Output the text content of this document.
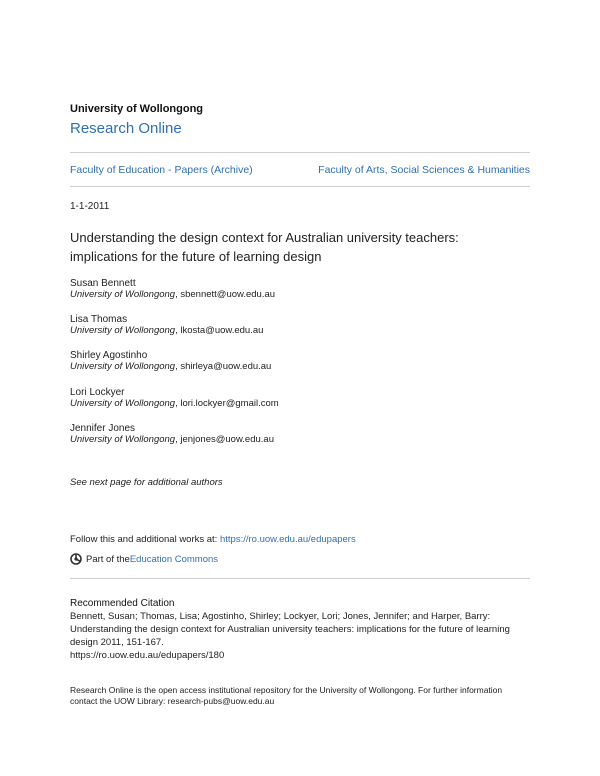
University of Wollongong
Research Online
Faculty of Education - Papers (Archive)	Faculty of Arts, Social Sciences & Humanities
1-1-2011
Understanding the design context for Australian university teachers:
implications for the future of learning design
Susan Bennett
University of Wollongong, sbennett@uow.edu.au
Lisa Thomas
University of Wollongong, lkosta@uow.edu.au
Shirley Agostinho
University of Wollongong, shirleya@uow.edu.au
Lori Lockyer
University of Wollongong, lori.lockyer@gmail.com
Jennifer Jones
University of Wollongong, jenjones@uow.edu.au
See next page for additional authors
Follow this and additional works at: https://ro.uow.edu.au/edupapers
Part of the Education Commons
Recommended Citation
Bennett, Susan; Thomas, Lisa; Agostinho, Shirley; Lockyer, Lori; Jones, Jennifer; and Harper, Barry:
Understanding the design context for Australian university teachers: implications for the future of learning
design 2011, 151-167.
https://ro.uow.edu.au/edupapers/180
Research Online is the open access institutional repository for the University of Wollongong. For further information
contact the UOW Library: research-pubs@uow.edu.au
